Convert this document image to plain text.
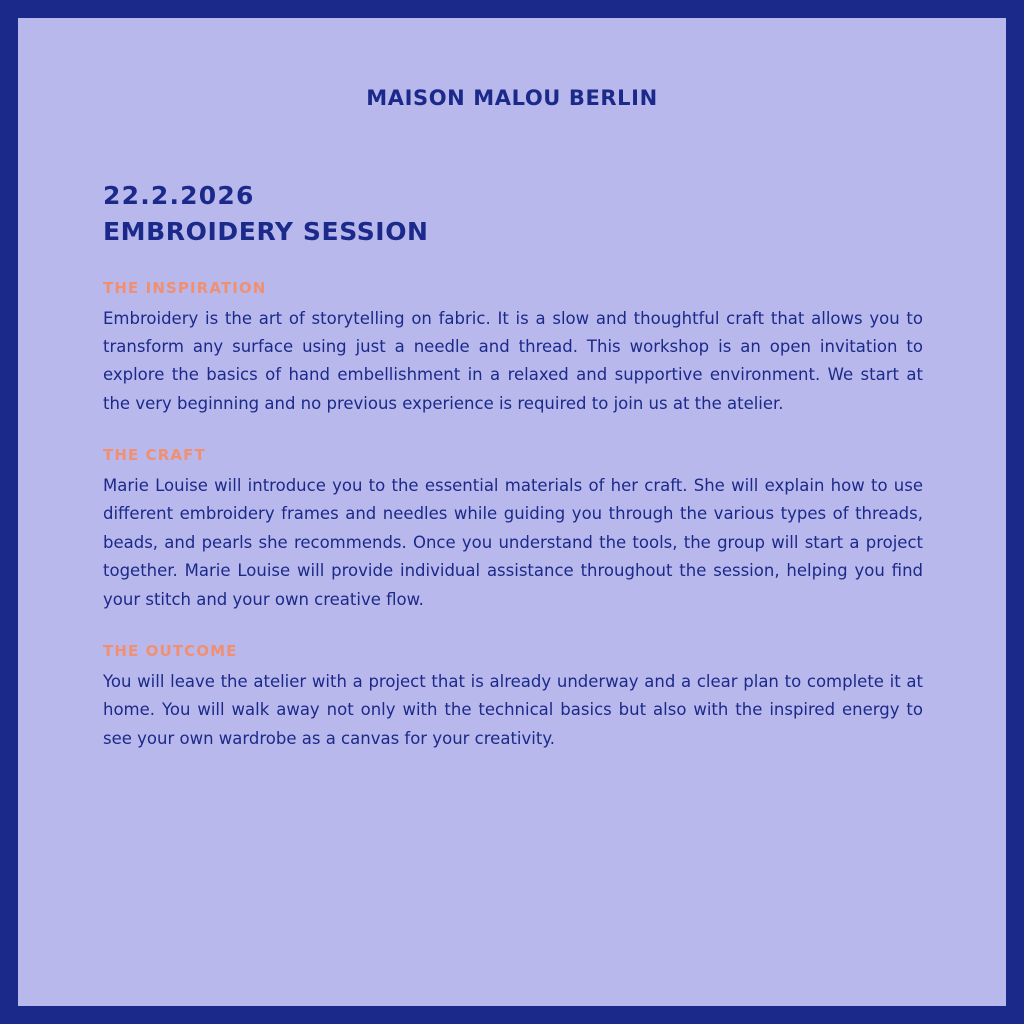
MAISON MALOU BERLIN
22.2.2026
EMBROIDERY SESSION
THE INSPIRATION
Embroidery is the art of storytelling on fabric. It is a slow and thoughtful craft that allows you to transform any surface using just a needle and thread. This workshop is an open invitation to explore the basics of hand embellishment in a relaxed and supportive environment. We start at the very beginning and no previous experience is required to join us at the atelier.
THE CRAFT
Marie Louise will introduce you to the essential materials of her craft. She will explain how to use different embroidery frames and needles while guiding you through the various types of threads, beads, and pearls she recommends. Once you understand the tools, the group will start a project together. Marie Louise will provide individual assistance throughout the session, helping you find your stitch and your own creative flow.
THE OUTCOME
You will leave the atelier with a project that is already underway and a clear plan to complete it at home. You will walk away not only with the technical basics but also with the inspired energy to see your own wardrobe as a canvas for your creativity.
